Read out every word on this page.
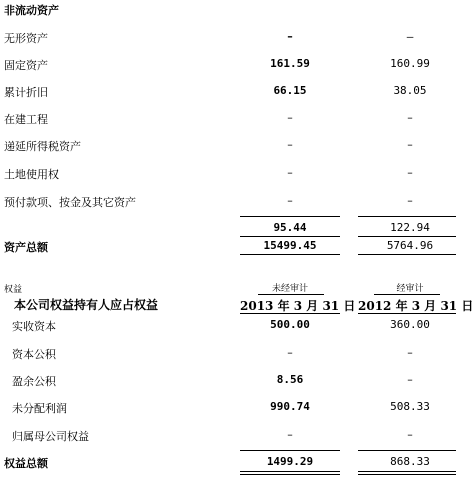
非流动资产
无形资产	–	–
固定资产	161.59	160.99
累计折旧	66.15	38.05
在建工程	–	–
递延所得税资产	–	–
土地使用权	–	–
预付款项、按金及其它资产	–	–
95.44	122.94
资产总额	15499.45	5764.96
权益	未经审计	经审计
本公司权益持有人应占权益	2013 年 3 月 31 日 2012 年 3 月 31 日
实收资本	500.00	360.00
资本公积	–	–
盈余公积	8.56	–
未分配利润	990.74	508.33
归属母公司权益	–	–
权益总额	1499.29	868.33
